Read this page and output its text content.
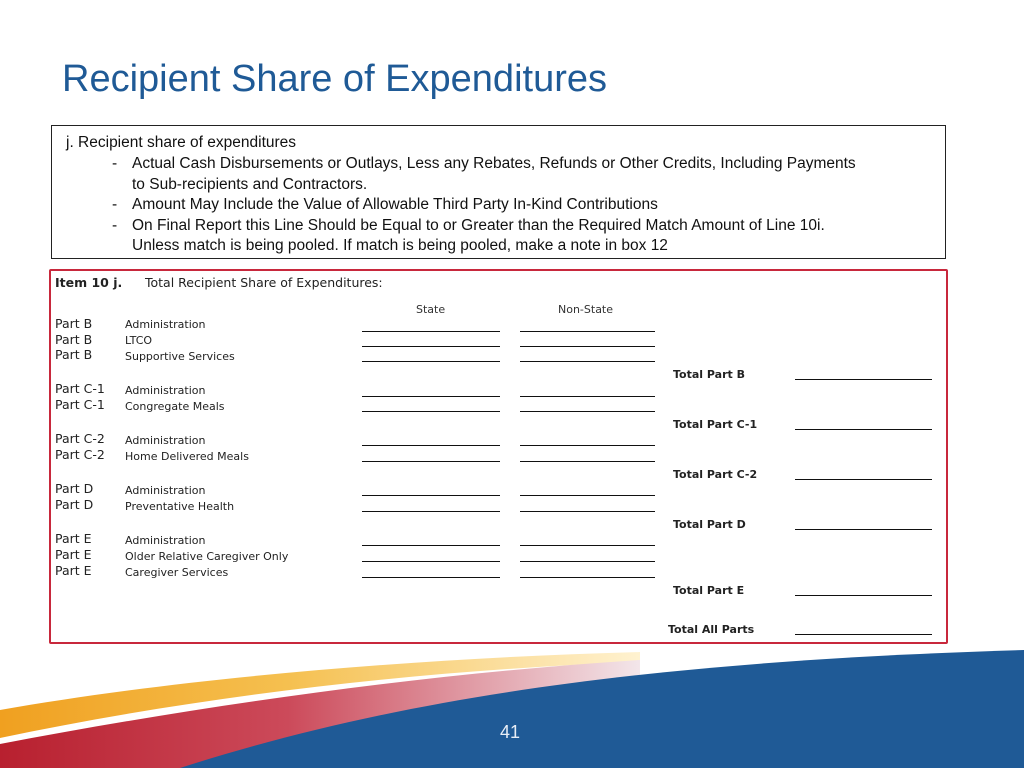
Recipient Share of Expenditures
j. Recipient share of expenditures
- Actual Cash Disbursements or Outlays, Less any Rebates, Refunds or Other Credits, Including Payments
to Sub-recipients and Contractors.
- Amount May Include the Value of Allowable Third Party In-Kind Contributions
- On Final Report this Line Should be Equal to or Greater than the Required Match Amount of Line 10i.
Unless match is being pooled. If match is being pooled, make a note in box 12
Item 10 j. Total Recipient Share of Expenditures:
State	Non-State
Part B	Administration
Part B	LTCO
Part B	Supportive Services
Total Part B
Part C-1 Administration
Part C-1 Congregate Meals
Total Part C-1
Part C-2 Administration
Part C-2 Home Delivered Meals
Total Part C-2
Part D	Administration
Part D	Preventative Health
Total Part D
Part E	Administration
Part E	Older Relative Caregiver Only
Part E	Caregiver Services
Total Part E
Total All Parts
41
